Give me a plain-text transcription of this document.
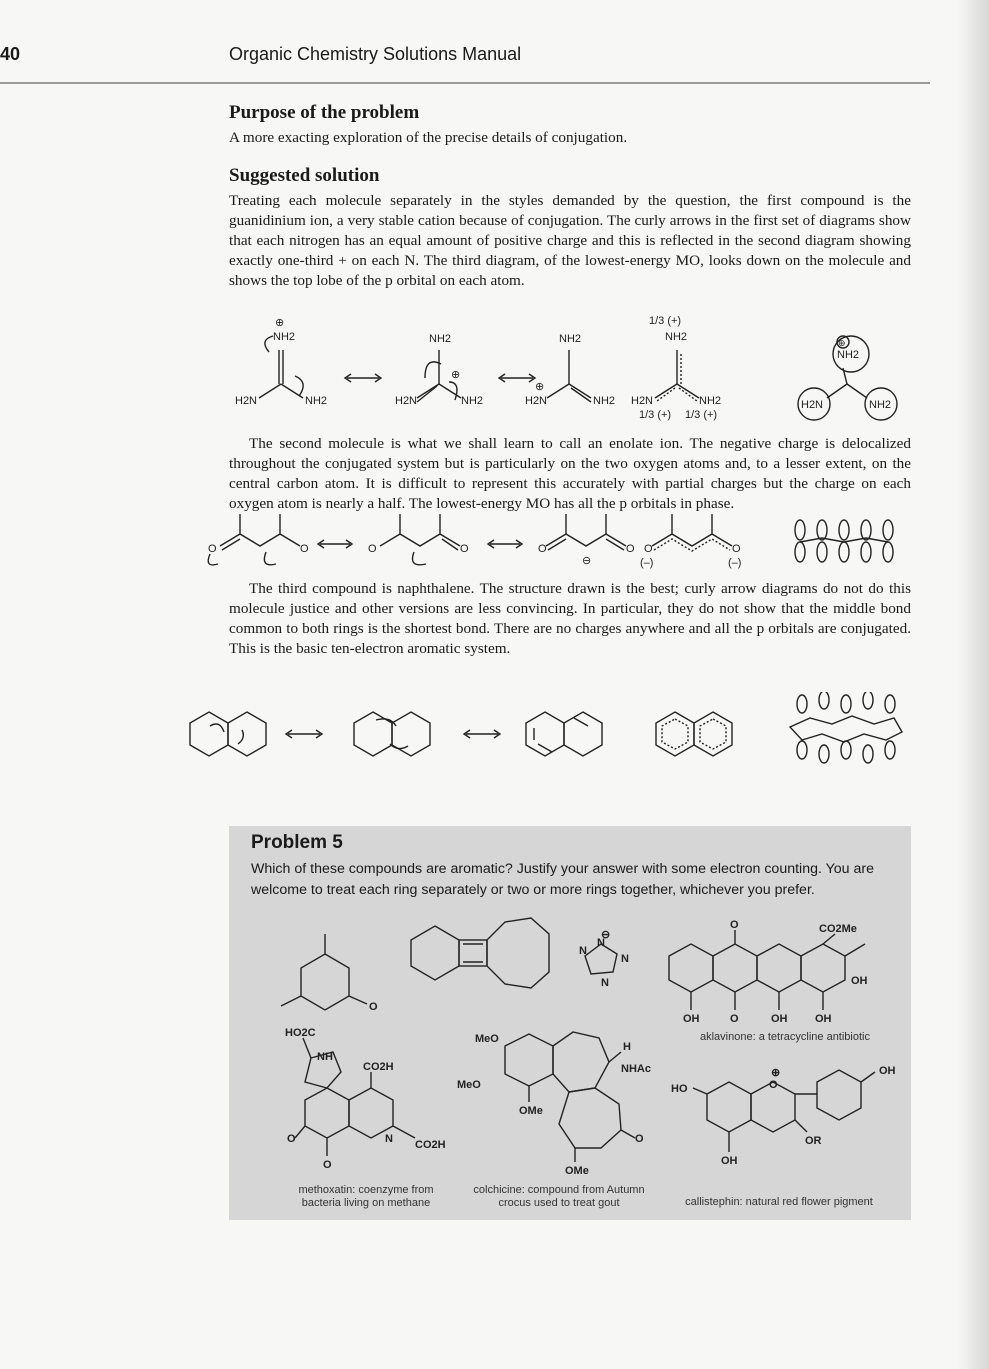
40	Organic Chemistry Solutions Manual
Purpose of the problem

A more exacting exploration of the precise details of conjugation.

Suggested solution

Treating each molecule separately in the styles demanded by the question, the first compound is the guanidinium ion, a very stable cation because of conjugation. The curly arrows in the first set of diagrams show that each nitrogen has an equal amount of positive charge and this is reflected in the second diagram showing exactly one-third + on each N. The third diagram, of the lowest-energy MO, looks down on the molecule and shows the top lobe of the p orbital on each atom.

⊕
NH2
H2N	NH2
NH2
H2N	NH2
⊕
NH2
H2N	NH2
⊕
1/3 (+)
NH2
H2N	NH2
1/3 (+) 1/3 (+)
NH2
H2N	NH2
⊕

The second molecule is what we shall learn to call an enolate ion. The negative charge is delocalized throughout the conjugated system but is particularly on the two oxygen atoms and, to a lesser extent, on the central carbon atom. It is difficult to represent this accurately with partial charges but the charge on each oxygen atom is nearly a half. The lowest-energy MO has all the p orbitals in phase.

O	O	O	O	O	O
⊖
O	O
(–)	(–)

The third compound is naphthalene. The structure drawn is the best; curly arrow diagrams do not do this molecule justice and other versions are less convincing. In particular, they do not show that the middle bond common to both rings is the shortest bond. There are no charges anywhere and all the p orbitals are conjugated. This is the basic ten-electron aromatic system.

Problem 5
Which of these compounds are aromatic? Justify your answer with some electron counting. You are welcome to treat each ring separately or two or more rings together, whichever you prefer.
O
⊖
N
N
N
N
O	CO2Me
OH
OH	O	OH	OH
HO2C
NH
CO2H
O	N CO2H
O
MeO
H
NHAc
MeO
OMe
O
OMe
OH
⊕
O
HO
OR
OH
aklavinone: a tetracycline antibiotic
methoxatin: coenzyme from bacteria living on methane
colchicine: compound from Autumn crocus used to treat gout	callistephin: natural red flower pigment
